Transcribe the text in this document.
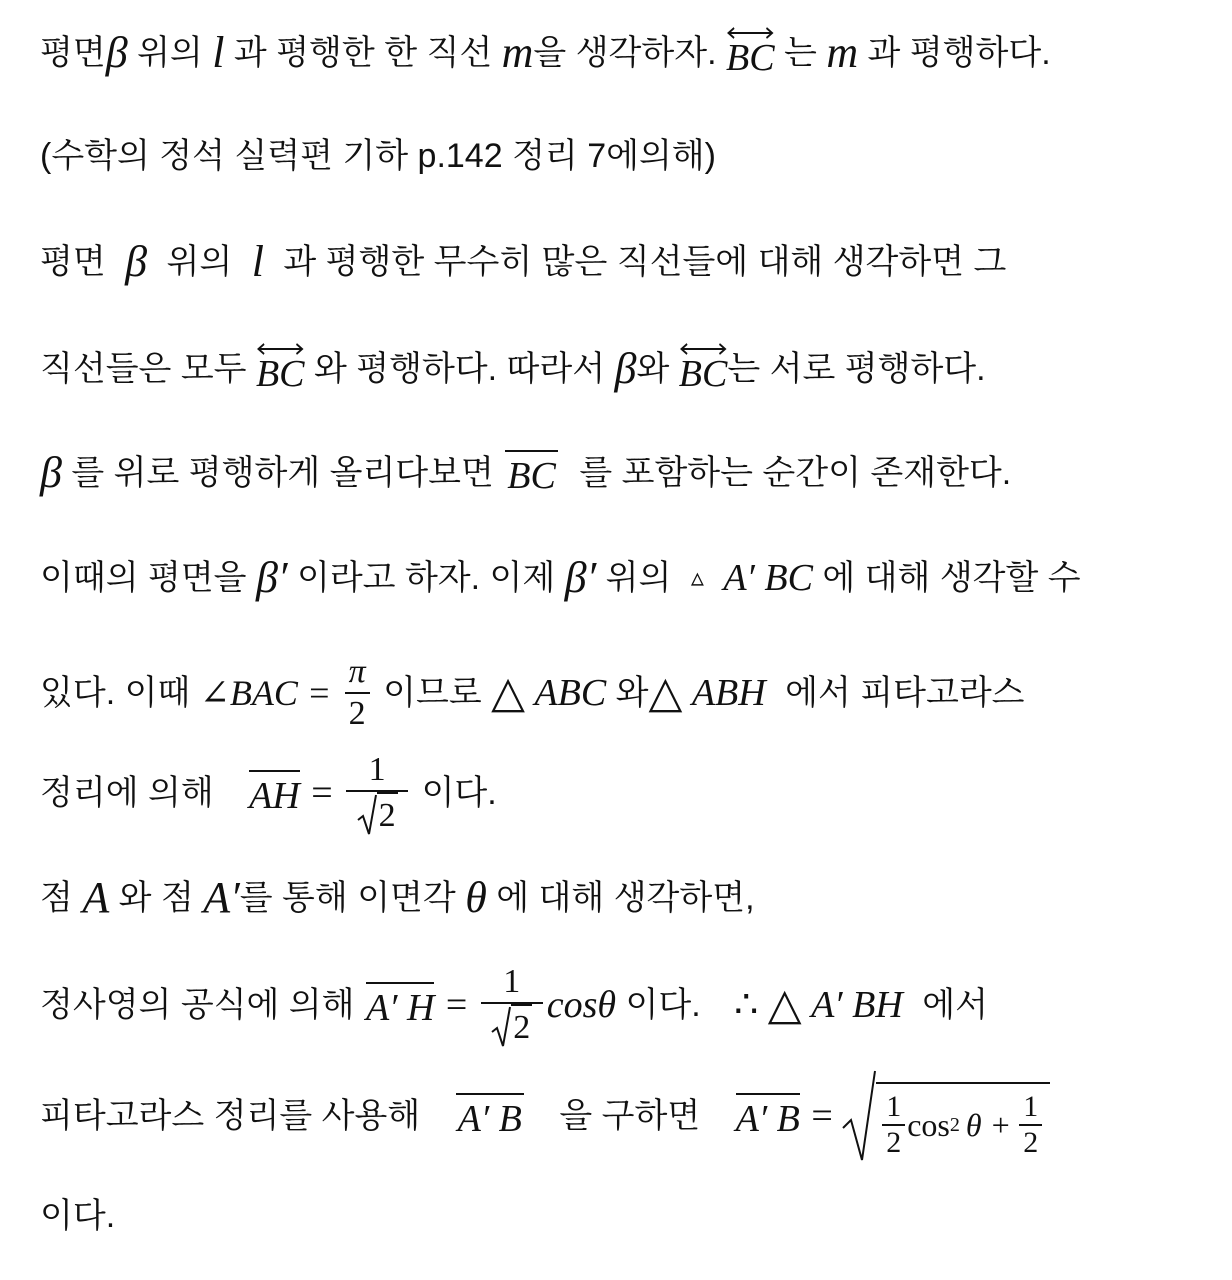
평면β 위의 l 과 평행한 한 직선 m을 생각하자. BC 는 m 과 평행하다.
(수학의 정석 실력편 기하 p.142 정리 7에의해)
평면 β 위의 l 과 평행한 무수히 많은 직선들에 대해 생각하면 그
직선들은 모두 BC 와 평행하다. 따라서 β와 BC는 서로 평행하다.
β 를 위로 평행하게 올리다보면 BC 를 포함하는 순간이 존재한다.
이때의 평면을 β′ 이라고 하자. 이제 β′ 위의 ▵ A′ BC 에 대해 생각할 수
있다. 이때 ∠BAC = $\frac{\pi}{2}$ 이므로 △ ABC 와△ ABH 에서 피타고라스
정리에 의해 AH = $\frac{1}{2}$ 이다.
점 A 와 점 A′를 통해 이면각 θ 에 대해 생각하면,
정사영의 공식에 의해 A′ $H = \frac{1}{2}$ cosθ 이다. ∴ △ A′ BH 에서
피타고라스 정리를 사용해 A′ B 을 구하면 A′ $B = \frac{1}{2}$ cos 2 $\theta + \frac{1}{2}$
이다.
